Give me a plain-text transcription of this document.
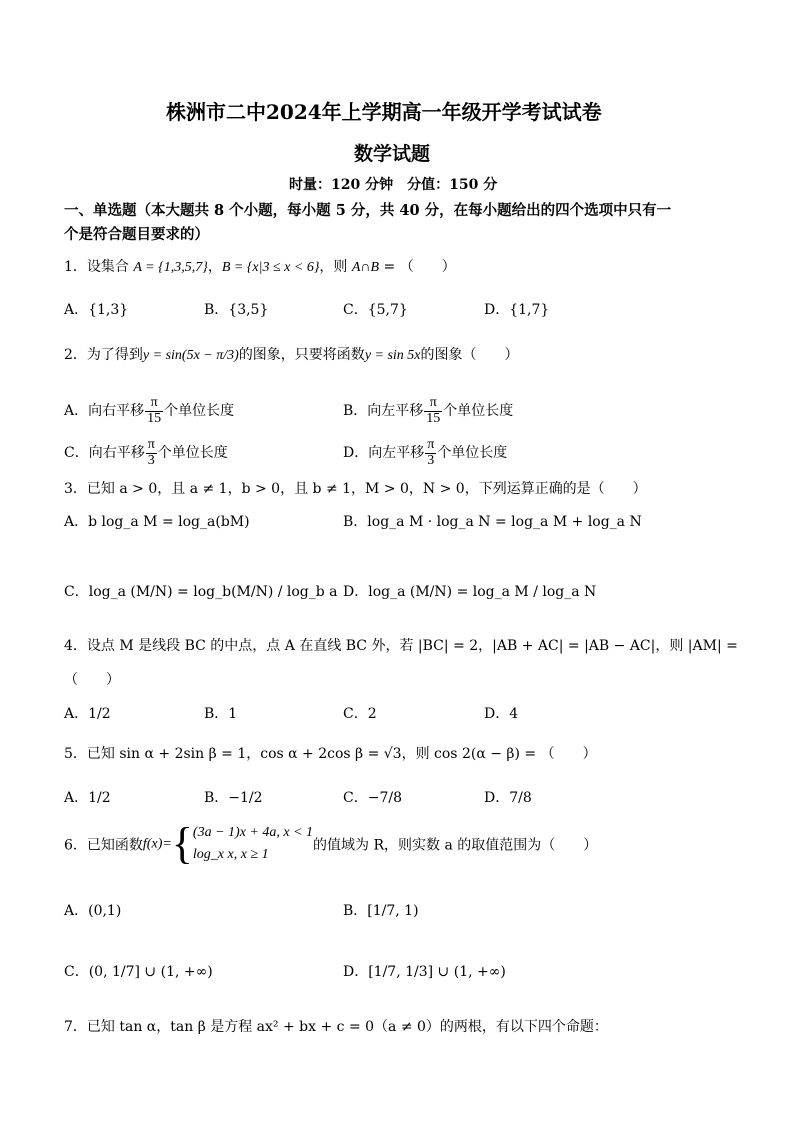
株洲市二中2024年上学期高一年级开学考试试卷
数学试题
时量：120 分钟　分值：150 分
一、单选题（本大题共 8 个小题，每小题 5 分，共 40 分，在每小题给出的四个选项中只有一
个是符合题目要求的）
1．设集合 A = {1,3,5,7}，B = {x|3 ≤ x < 6}，则 A∩B = （　　）
A．{1,3}	B．{3,5}	C．{5,7}	D．{1,7}
2．为了得到y = sin(5x − π/3)的图象，只要将函数y = sin 5x的图象（　　）
A．向右平移 $\frac{\pi}{15}$ 个单位长度	B．向左平移 $\frac{\pi}{15}$ 个单位长度
C．向右平移 $\frac{\pi}{3}$ 个单位长度	D．向左平移 $\frac{\pi}{3}$ 个单位长度
3．已知 a > 0，且 a ≠ 1，b > 0，且 b ≠ 1，M > 0，N > 0，下列运算正确的是（　　）
A．b log_a M = log_a(bM)	B．log_a M · log_a N = log_a M + log_a N
C．log_a (M/N) = log_b(M/N) / log_b a D．log_a (M/N) = log_a M / log_a N
4．设点 M 是线段 BC 的中点，点 A 在直线 BC 外，若 |BC| = 2，|AB + AC| = |AB − AC|，则 |AM| =
（　　）
A．1/2	B．1	C．2	D．4
5．已知 sin α + 2sin β = 1，cos α + 2cos β = √3，则 cos 2(α − β) = （　　）
A．1/2	B．−1/2	C．−7/8	D．7/8
6．已知函数f(x)={ (3a − 1)x + 4a, x < 1
log_x x, x ≥ 1
的值域为 R，则实数 a 的取值范围为（　　）
A．(0,1)	B．[1/7, 1)
C．(0, 1/7] ∪ (1, +∞)	D．[1/7, 1/3] ∪ (1, +∞)
7．已知 tan α，tan β 是方程 ax² + bx + c = 0（a ≠ 0）的两根，有以下四个命题：
